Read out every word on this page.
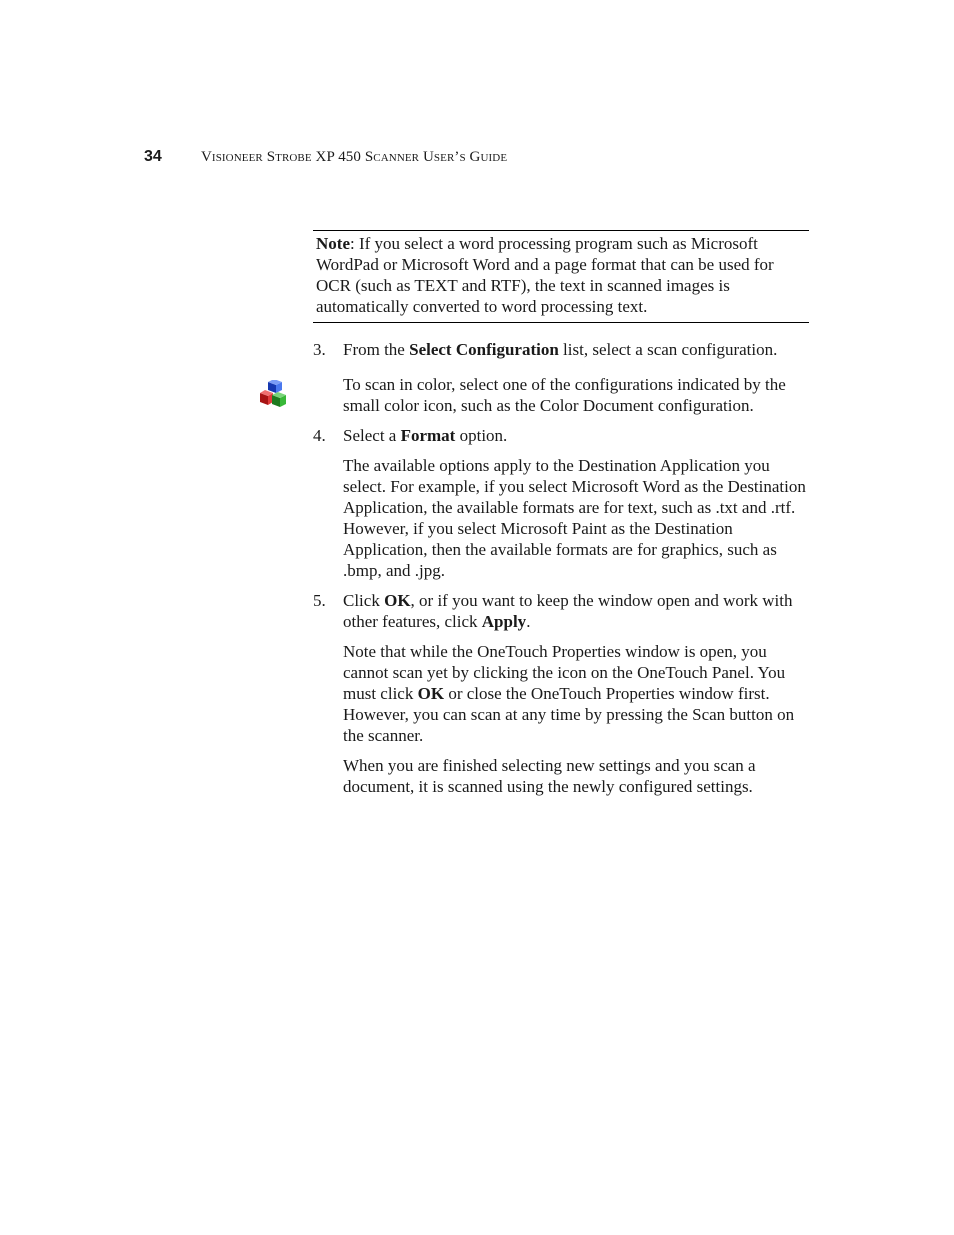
34	Visioneer Strobe XP 450 Scanner User’s Guide
Note: If you select a word processing program such as Microsoft WordPad or Microsoft Word and a page format that can be used for OCR (such as TEXT and RTF), the text in scanned images is automatically converted to word processing text.
3. From the Select Configuration list, select a scan configuration.

To scan in color, select one of the configurations indicated by the small color icon, such as the Color Document configuration.

4. Select a Format option.

The available options apply to the Destination Application you select. For example, if you select Microsoft Word as the Destination Application, the available formats are for text, such as .txt and .rtf. However, if you select Microsoft Paint as the Destination Application, then the available formats are for graphics, such as .bmp, and .jpg.

5. Click OK, or if you want to keep the window open and work with other features, click Apply.

Note that while the OneTouch Properties window is open, you cannot scan yet by clicking the icon on the OneTouch Panel. You must click OK or close the OneTouch Properties window first. However, you can scan at any time by pressing the Scan button on the scanner.

When you are finished selecting new settings and you scan a document, it is scanned using the newly configured settings.
